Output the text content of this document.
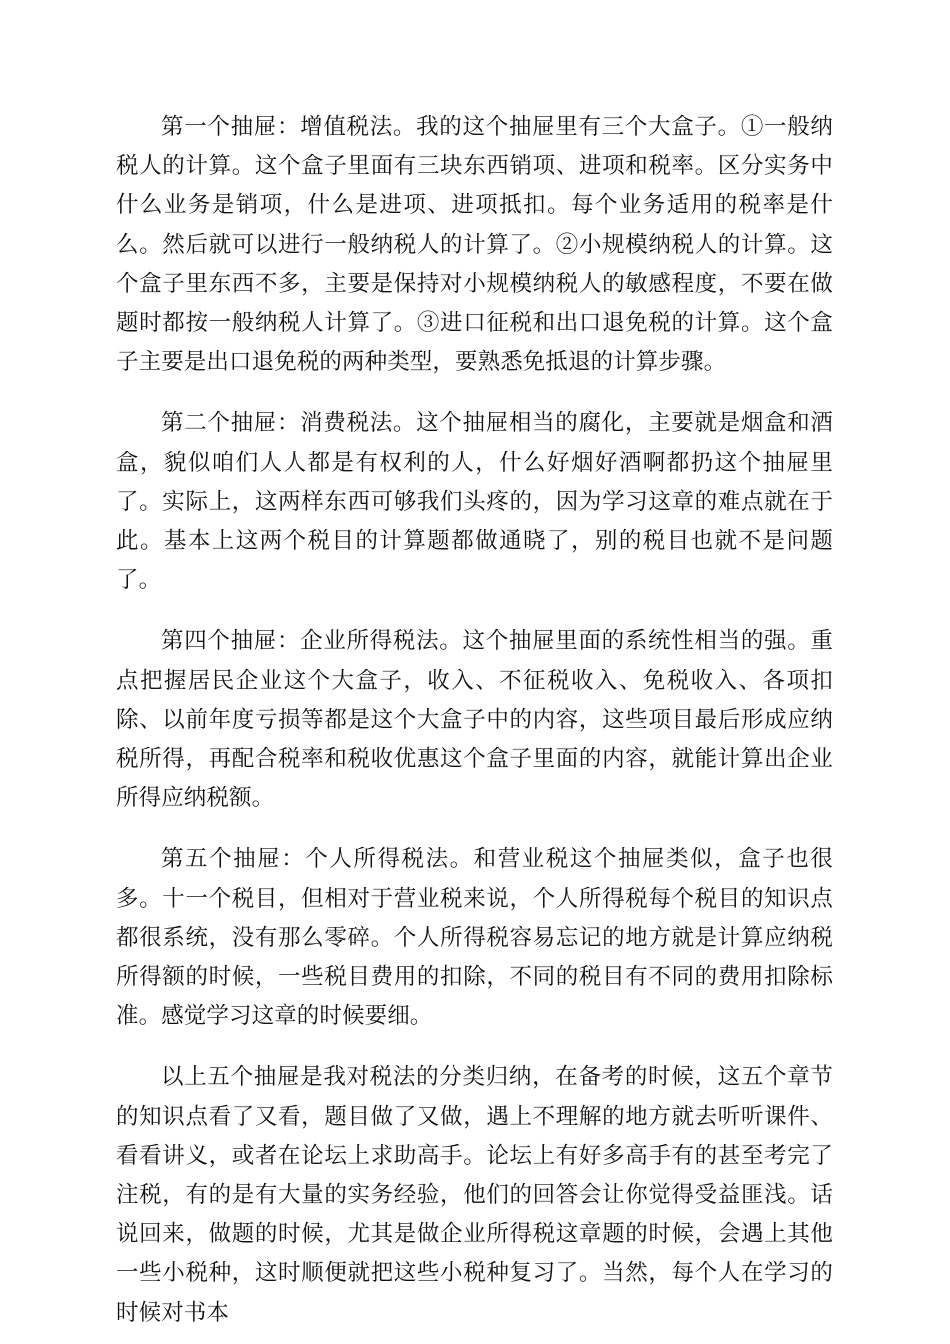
第一个抽屉：增值税法。我的这个抽屉里有三个大盒子。①一般纳税人的计算。这个盒子里面有三块东西销项、进项和税率。区分实务中什么业务是销项，什么是进项、进项抵扣。每个业务适用的税率是什么。然后就可以进行一般纳税人的计算了。②小规模纳税人的计算。这个盒子里东西不多，主要是保持对小规模纳税人的敏感程度，不要在做题时都按一般纳税人计算了。③进口征税和出口退免税的计算。这个盒子主要是出口退免税的两种类型，要熟悉免抵退的计算步骤。

第二个抽屉：消费税法。这个抽屉相当的腐化，主要就是烟盒和酒盒，貌似咱们人人都是有权利的人，什么好烟好酒啊都扔这个抽屉里了。实际上，这两样东西可够我们头疼的，因为学习这章的难点就在于此。基本上这两个税目的计算题都做通晓了，别的税目也就不是问题了。

第四个抽屉：企业所得税法。这个抽屉里面的系统性相当的强。重点把握居民企业这个大盒子，收入、不征税收入、免税收入、各项扣除、以前年度亏损等都是这个大盒子中的内容，这些项目最后形成应纳税所得，再配合税率和税收优惠这个盒子里面的内容，就能计算出企业所得应纳税额。

第五个抽屉：个人所得税法。和营业税这个抽屉类似，盒子也很多。十一个税目，但相对于营业税来说，个人所得税每个税目的知识点都很系统，没有那么零碎。个人所得税容易忘记的地方就是计算应纳税所得额的时候，一些税目费用的扣除，不同的税目有不同的费用扣除标准。感觉学习这章的时候要细。

以上五个抽屉是我对税法的分类归纳，在备考的时候，这五个章节的知识点看了又看，题目做了又做，遇上不理解的地方就去听听课件、看看讲义，或者在论坛上求助高手。论坛上有好多高手有的甚至考完了注税，有的是有大量的实务经验，他们的回答会让你觉得受益匪浅。话说回来，做题的时候，尤其是做企业所得税这章题的时候，会遇上其他一些小税种，这时顺便就把这些小税种复习了。当然，每个人在学习的时候对书本
